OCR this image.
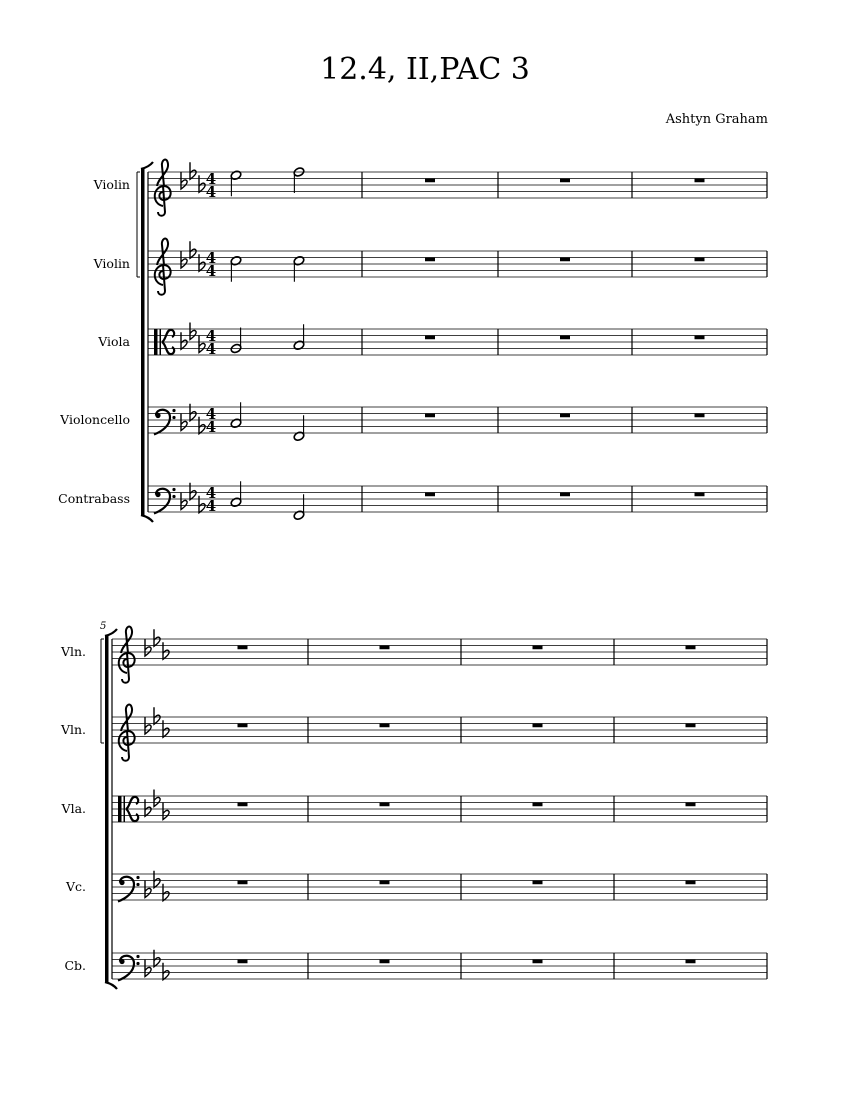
12.4, II,PAC 3
Ashtyn Graham
Violin	4
4
Violin	4
4
Viola	4
4
Violoncello	4
4
Contrabass	4
4
5
Vln.
Vln.
Vla.
Vc.
Cb.
